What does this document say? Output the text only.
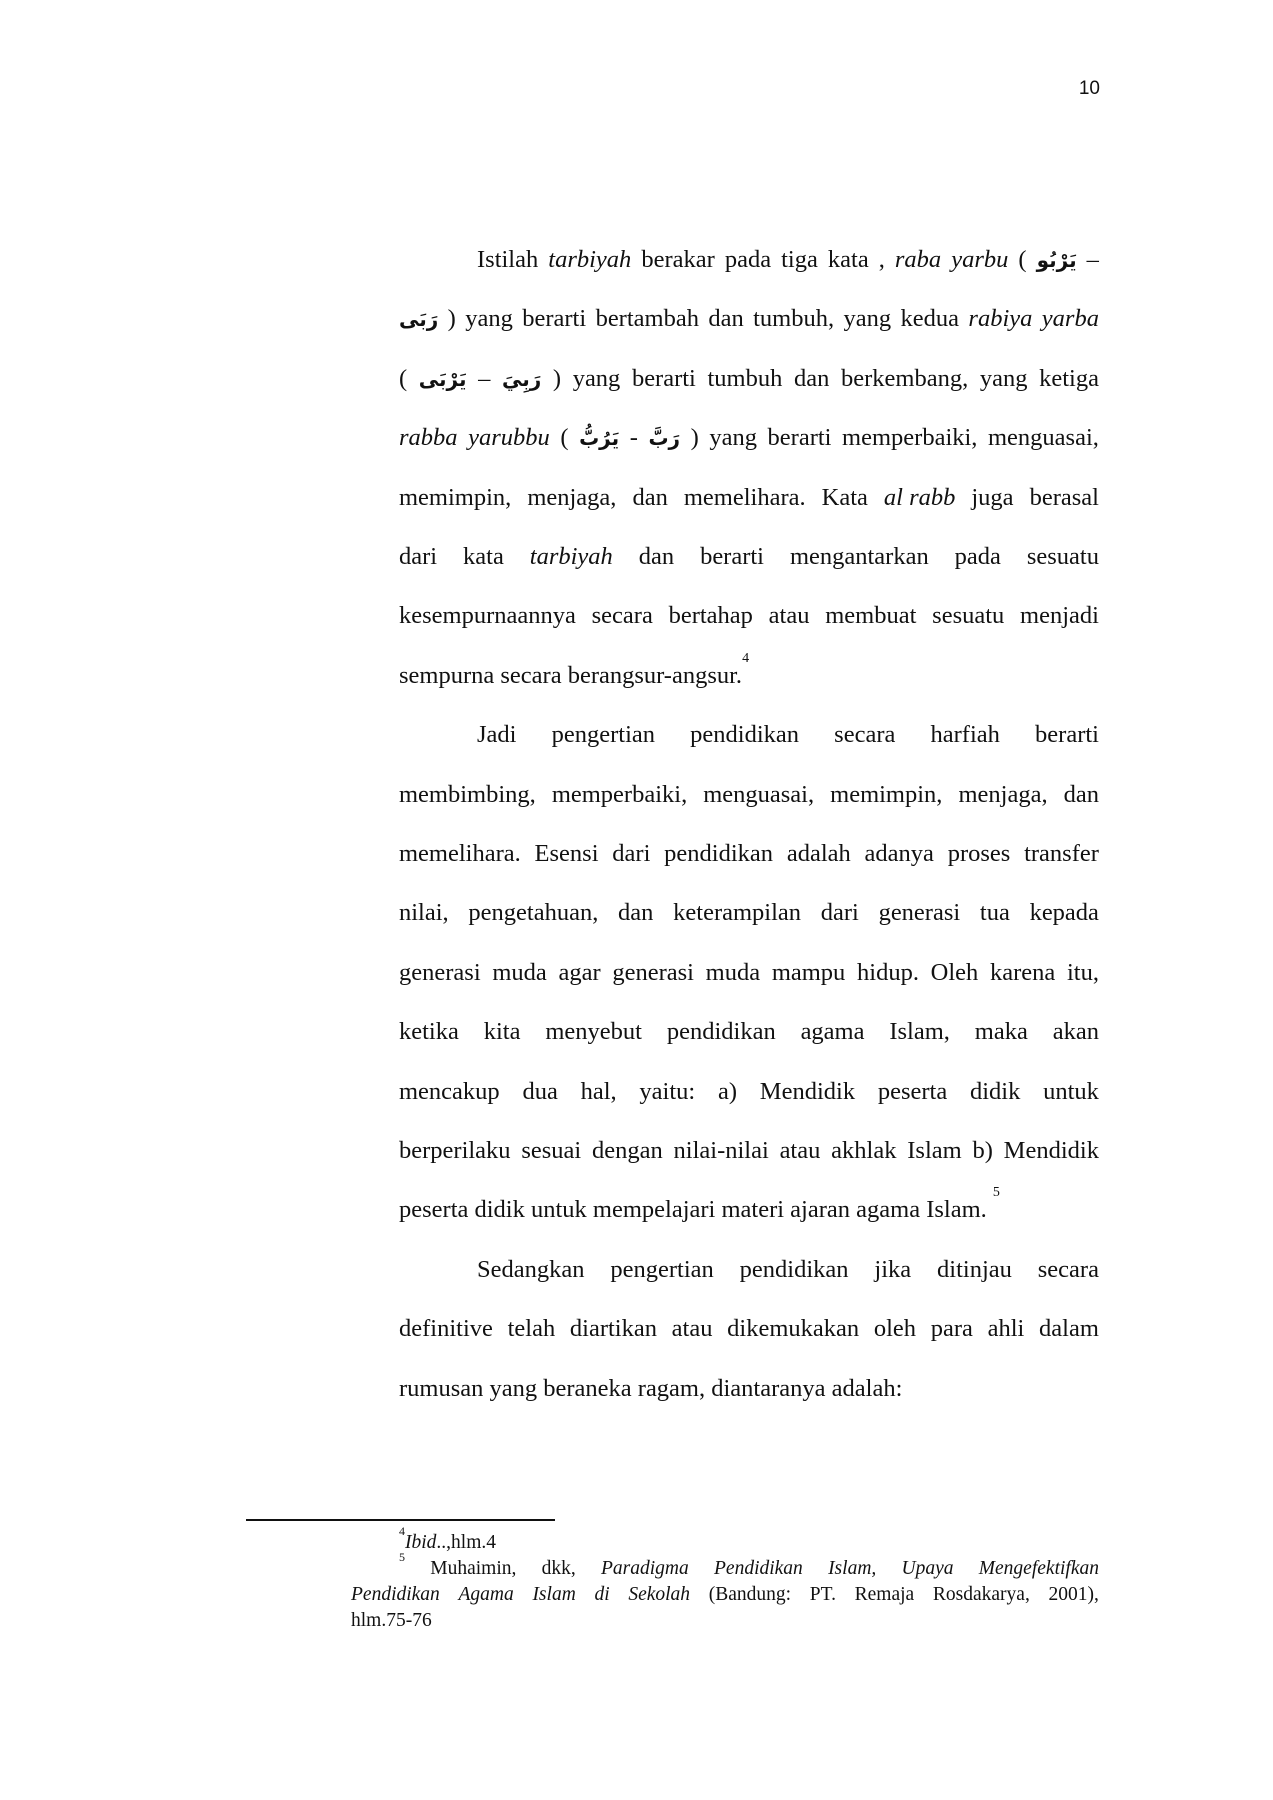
10
Istilah tarbiyah berakar pada tiga kata , raba yarbu ( يَرْبُو –
رَبَى ) yang berarti bertambah dan tumbuh, yang kedua rabiya yarba
( يَرْبَى – رَبِيَ ) yang berarti tumbuh dan berkembang, yang ketiga
rabba yarubbu ( يَرُبُّ - رَبَّ ) yang berarti memperbaiki, menguasai,
memimpin, menjaga, dan memelihara. Kata al rabb juga berasal
dari kata tarbiyah dan berarti mengantarkan pada sesuatu
kesempurnaannya secara bertahap atau membuat sesuatu menjadi
sempurna secara berangsur-angsur.
4
Jadi pengertian pendidikan secara harfiah berarti
membimbing, memperbaiki, menguasai, memimpin, menjaga, dan
memelihara. Esensi dari pendidikan adalah adanya proses transfer
nilai, pengetahuan, dan keterampilan dari generasi tua kepada
generasi muda agar generasi muda mampu hidup. Oleh karena itu,
ketika kita menyebut pendidikan agama Islam, maka akan
mencakup dua hal, yaitu: a) Mendidik peserta didik untuk
berperilaku sesuai dengan nilai-nilai atau akhlak Islam b) Mendidik
peserta didik untuk mempelajari materi ajaran agama Islam.
5
Sedangkan pengertian pendidikan jika ditinjau secara
definitive telah diartikan atau dikemukakan oleh para ahli dalam
rumusan yang beraneka ragam, diantaranya adalah:
4
Ibid ..,hlm.4
5
Muhaimin, dkk, Paradigma Pendidikan Islam, Upaya Mengefektifkan
Pendidikan Agama Islam di Sekolah (Bandung: PT. Remaja Rosdakarya, 2001),
hlm.75-76
